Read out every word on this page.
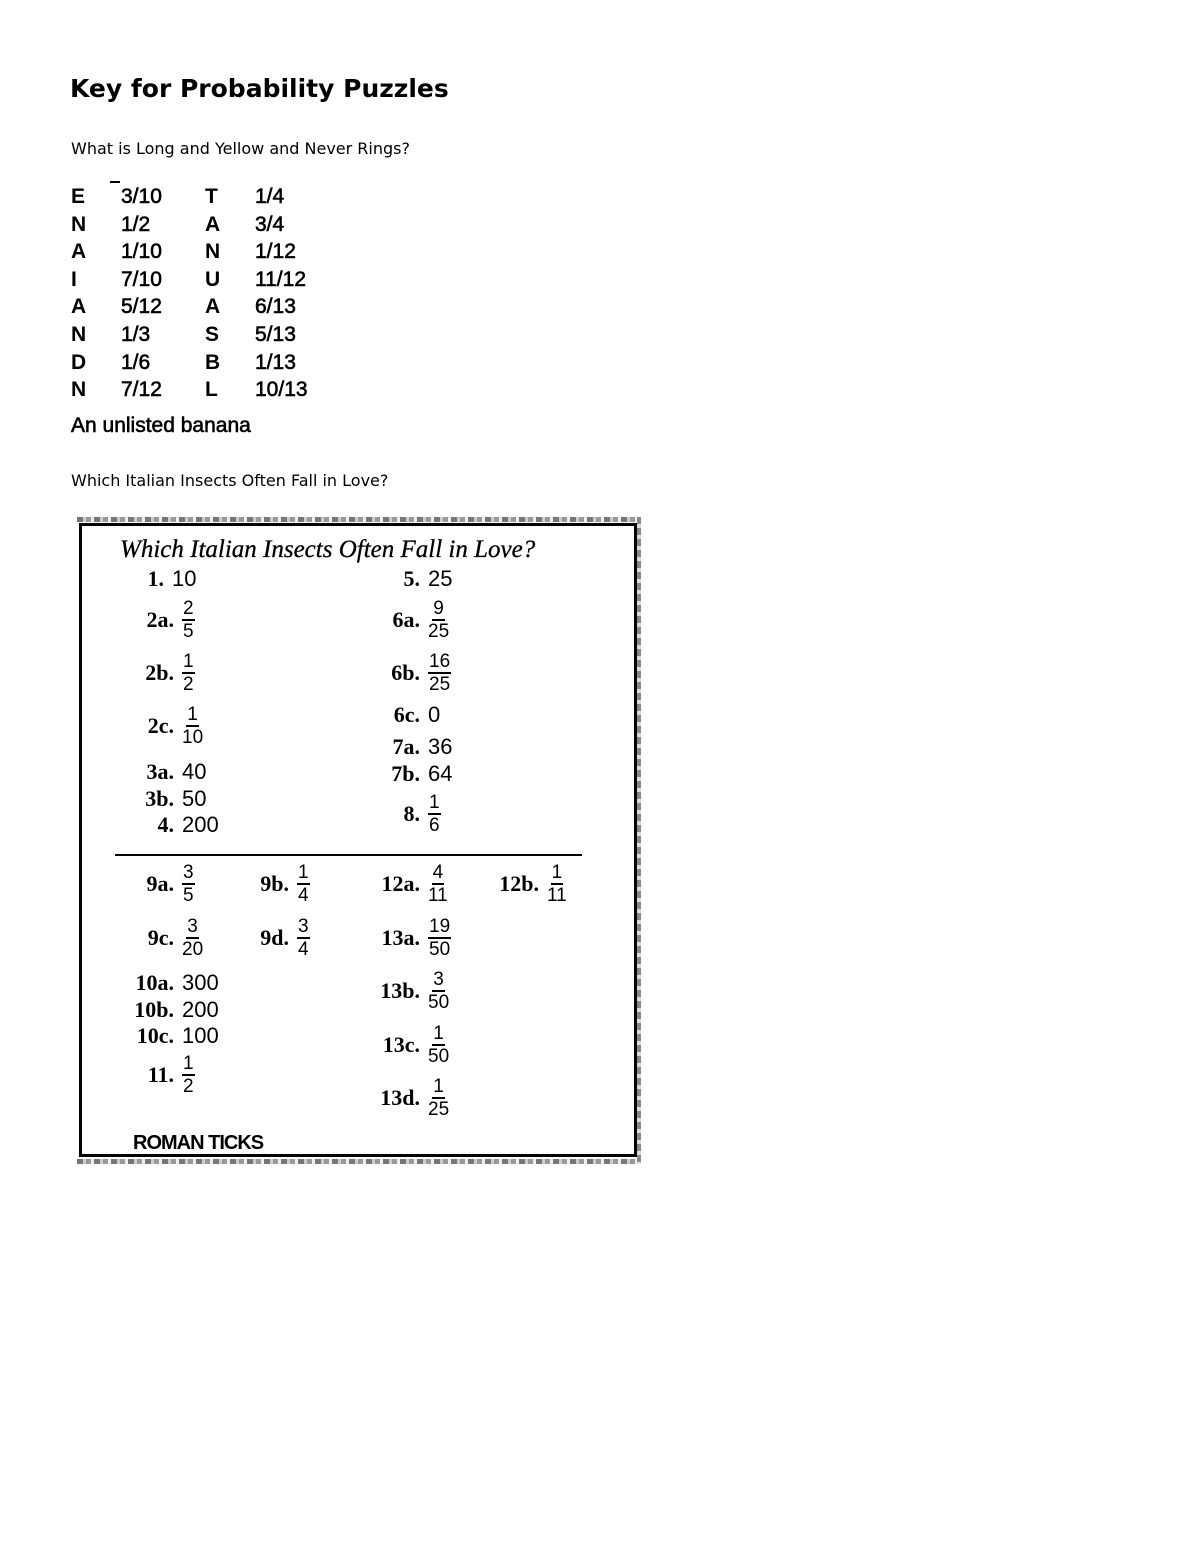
Key for Probability Puzzles

What is Long and Yellow and Never Rings?

E 3/10 T 1/4
N 1/2	A 3/4
A 1/10 N 1/12
I 7/10 U 11/12
A 5/12 A 6/13
N 1/3	S 5/13
D 1/6	B 1/13
N 7/12 L 10/13
An unlisted banana

Which Italian Insects Often Fall in Love?

Which Italian Insects Often Fall in Love?
1. 10
2a. $\frac{2}{5}$
2b. $\frac{1}{2}$
2c. $\frac{1}{10}$
3a. 40
3b. 50
4. 200
5. 25
6a. $\frac{9}{25}$
6b. $\frac{16}{25}$
6c. 0
7a. 36
7b. 64
8. $\frac{1}{6}$
9a. $\frac{3}{5}$	9b. $\frac{1}{4}$	12a. $\frac{4}{11}$	12b. $\frac{1}{11}$
9c. $\frac{3}{20}$	9d. $\frac{3}{4}$	13a. $\frac{19}{50}$
10a. 300
10b. 200
10c. 100
11. $\frac{1}{2}$
13b. $\frac{3}{50}$
13c. $\frac{1}{50}$
13d. $\frac{1}{25}$
ROMAN TICKS
